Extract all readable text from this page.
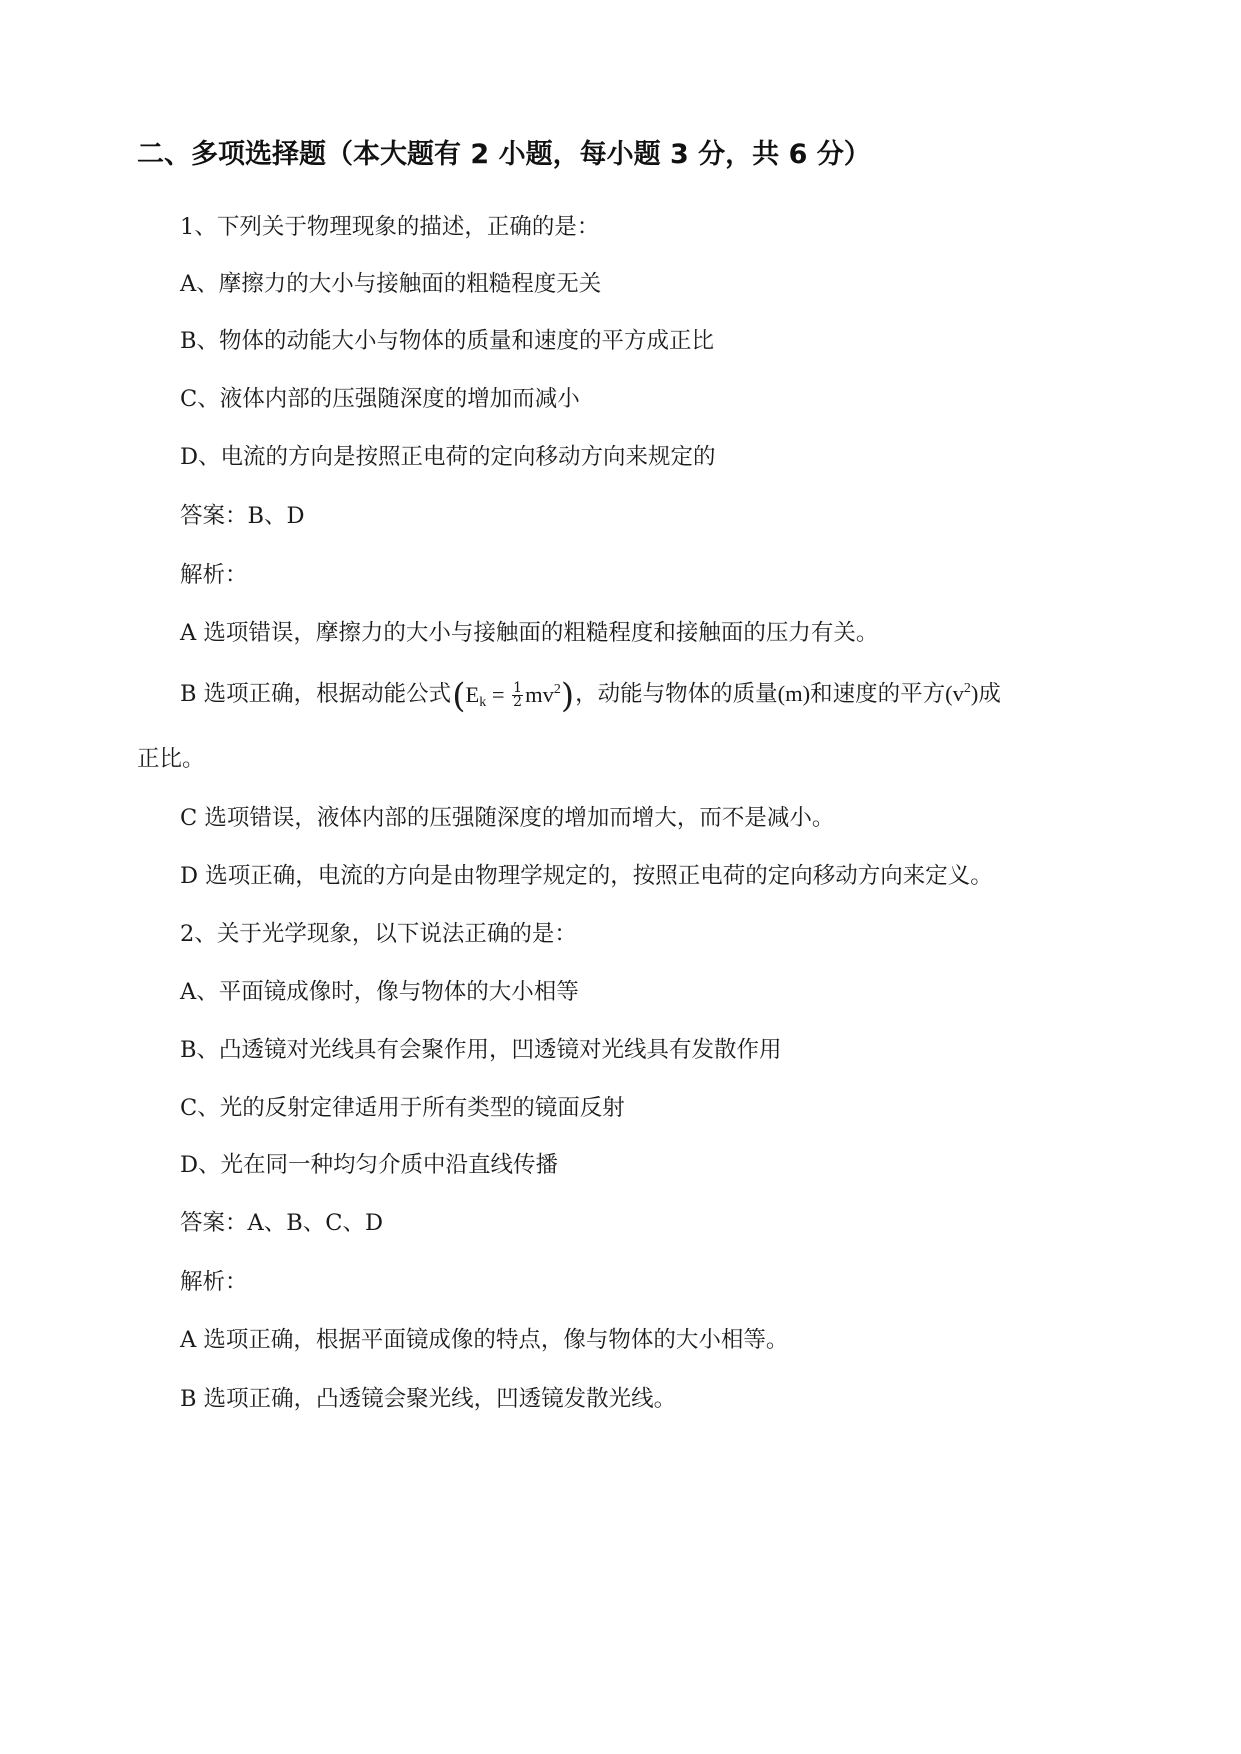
二、多项选择题（本大题有 2 小题，每小题 3 分，共 6 分）
1、下列关于物理现象的描述，正确的是：
A、摩擦力的大小与接触面的粗糙程度无关
B、物体的动能大小与物体的质量和速度的平方成正比
C、液体内部的压强随深度的增加而减小
D、电流的方向是按照正电荷的定向移动方向来规定的
答案：B、D
解析：
A 选项错误，摩擦力的大小与接触面的粗糙程度和接触面的压力有关。
B 选项正确，根据动能公式$(E_k = \frac{1}{2} mv^2)$，动能与物体的质量(m)和速度的平方$(v^2)$成
正比。
C 选项错误，液体内部的压强随深度的增加而增大，而不是减小。
D 选项正确，电流的方向是由物理学规定的，按照正电荷的定向移动方向来定义。
2、关于光学现象，以下说法正确的是：
A、平面镜成像时，像与物体的大小相等
B、凸透镜对光线具有会聚作用，凹透镜对光线具有发散作用
C、光的反射定律适用于所有类型的镜面反射
D、光在同一种均匀介质中沿直线传播
答案：A、B、C、D
解析：
A 选项正确，根据平面镜成像的特点，像与物体的大小相等。
B 选项正确，凸透镜会聚光线，凹透镜发散光线。
